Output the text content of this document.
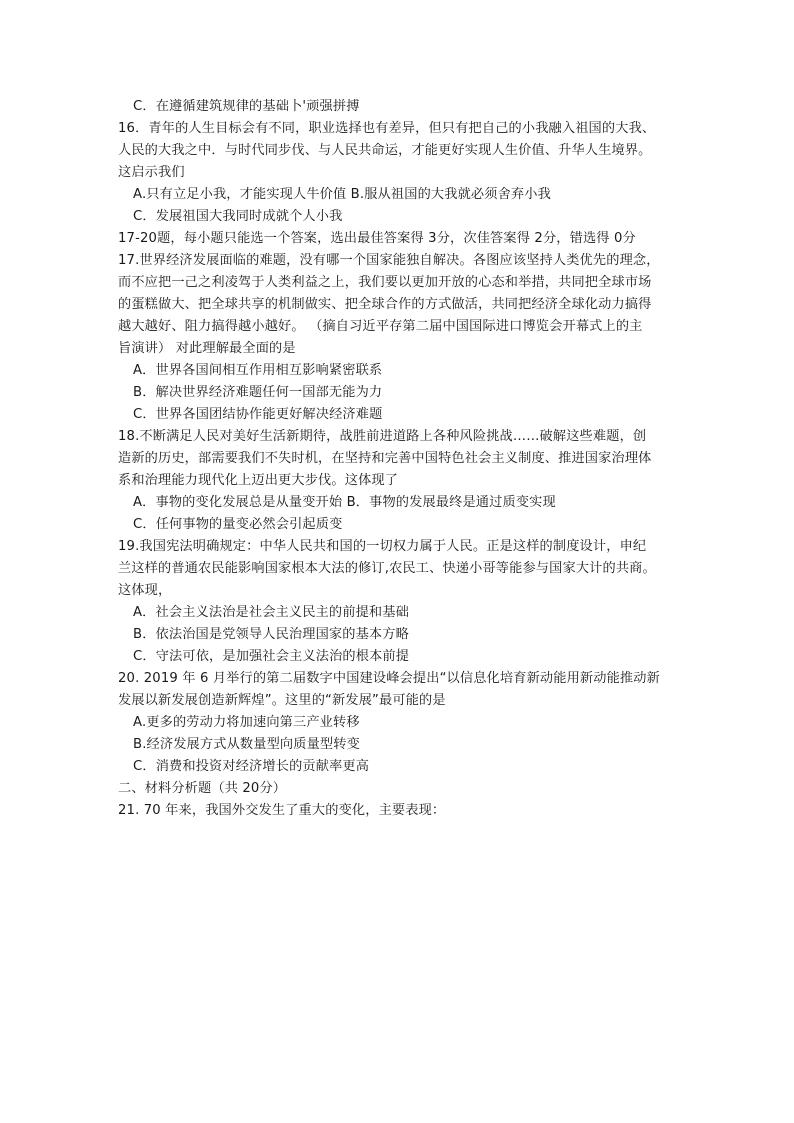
C．在遵循建筑规律的基础卜'顽强拼搏
16．青年的人生目标会有不同，职业选择也有差异，但只有把自己的小我融入祖国的大我、
人民的大我之中．与时代同步伐、与人民共命运，才能更好实现人生价值、升华人生境界。
这启示我们
A.只有立足小我，才能实现人牛价值 B.服从祖国的大我就必须舍弃小我
C．发展祖国大我同时成就个人小我
17-20题，每小题只能选一个答案，选出最佳答案得 3分，次佳答案得 2分，错选得 0分
17.世界经济发展面临的难题，没有哪一个国家能独自解决。各图应该坚持人类优先的理念，
而不应把一己之利凌驾于人类利益之上，我们要以更加开放的心态和举措，共同把全球市场
的蛋糕做大、把全球共享的机制做实、把全球合作的方式做活，共同把经济全球化动力搞得
越大越好、阻力搞得越小越好。 （摘自习近平存第二届中国国际进口博览会开幕式上的主
旨演讲） 对此理解最全面的是
A．世界各国间相互作用相互影响紧密联系
B．解决世界经济难题任何一国部无能为力
C．世界各国团结协作能更好解决经济难题
18.不断满足人民对美好生活新期待，战胜前进道路上各种风险挑战……破解这些难题，创
造新的历史，部需要我们不失时机，在坚持和完善中国特色社会主义制度、推进国家治理体
系和治理能力现代化上迈出更大步伐。这体现了
A．事物的变化发展总是从量变开始 B．事物的发展最终是通过质变实现
C．任何事物的量变必然会引起质变
19.我国宪法明确规定：中华人民共和国的一切权力属于人民。正是这样的制度设计，申纪
兰这样的普通农民能影响国家根本大法的修订,农民工、快递小哥等能参与国家大计的共商。
这体现，
A．社会主义法治是社会主义民主的前提和基础
B．依法治国是党领导人民治理国家的基本方略
C．守法可依，是加强社会主义法治的根本前提
20. 2019 年 6 月举行的第二届数字中国建设峰会提出“以信息化培育新动能用新动能推动新
发展以新发展创造新辉煌”。这里的“新发展”最可能的是
A.更多的劳动力将加速向第三产业转移
B.经济发展方式从数量型向质量型转变
C．消费和投资对经济增长的贡献率更高
二、材料分析题（共 20分）
21. 70 年来，我国外交发生了重大的变化，主要表现：
